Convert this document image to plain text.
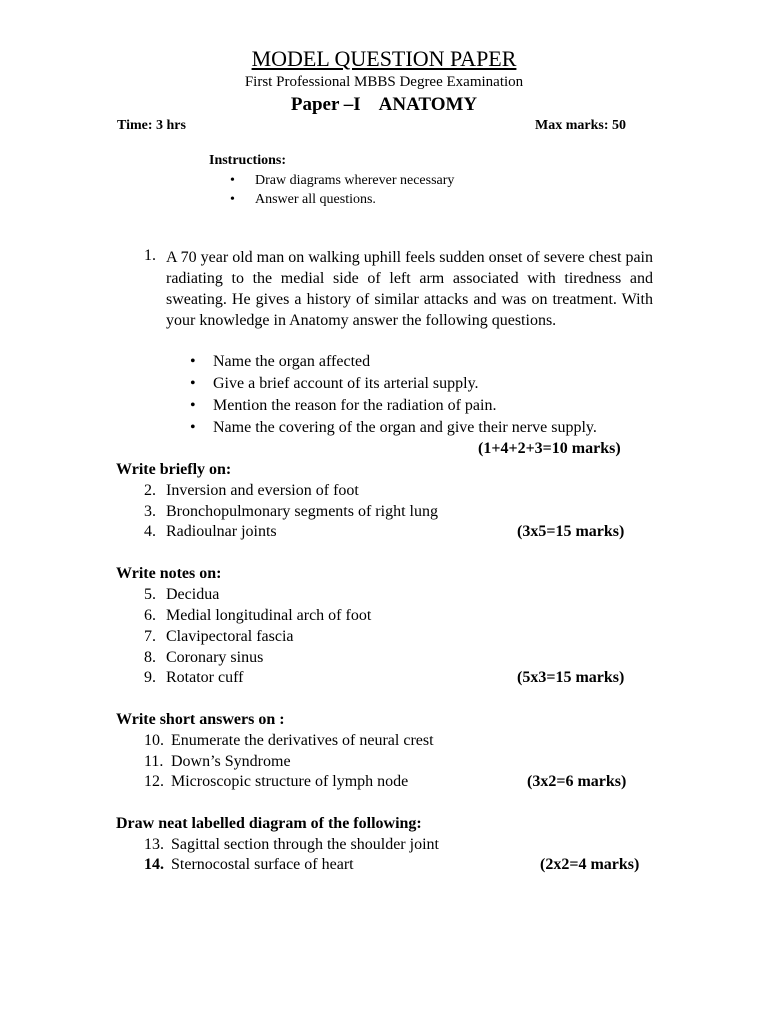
MODEL QUESTION PAPER
First Professional MBBS Degree Examination
Paper –I    ANATOMY
Time: 3 hrs	Max marks: 50
Instructions:
• Draw diagrams wherever necessary
• Answer all questions.
1. A 70 year old man on walking uphill feels sudden onset of severe chest pain radiating to the medial side of left arm associated with tiredness and sweating. He gives a history of similar attacks and was on treatment. With your knowledge in Anatomy answer the following questions.
• Name the organ affected
• Give a brief account of its arterial supply.
• Mention the reason for the radiation of pain.
• Name the covering of the organ and give their nerve supply.
(1+4+2+3=10 marks)
Write briefly on:
2. Inversion and eversion of foot
3. Bronchopulmonary segments of right lung
4. Radioulnar joints	(3x5=15 marks)
Write notes on:
5. Decidua
6. Medial longitudinal arch of foot
7. Clavipectoral fascia
8. Coronary sinus
9. Rotator cuff	(5x3=15 marks)
Write short answers on :
10. Enumerate the derivatives of neural crest
11. Down’s Syndrome
12. Microscopic structure of lymph node	(3x2=6 marks)
Draw neat labelled diagram of the following:
13. Sagittal section through the shoulder joint
14. Sternocostal surface of heart	(2x2=4 marks)
